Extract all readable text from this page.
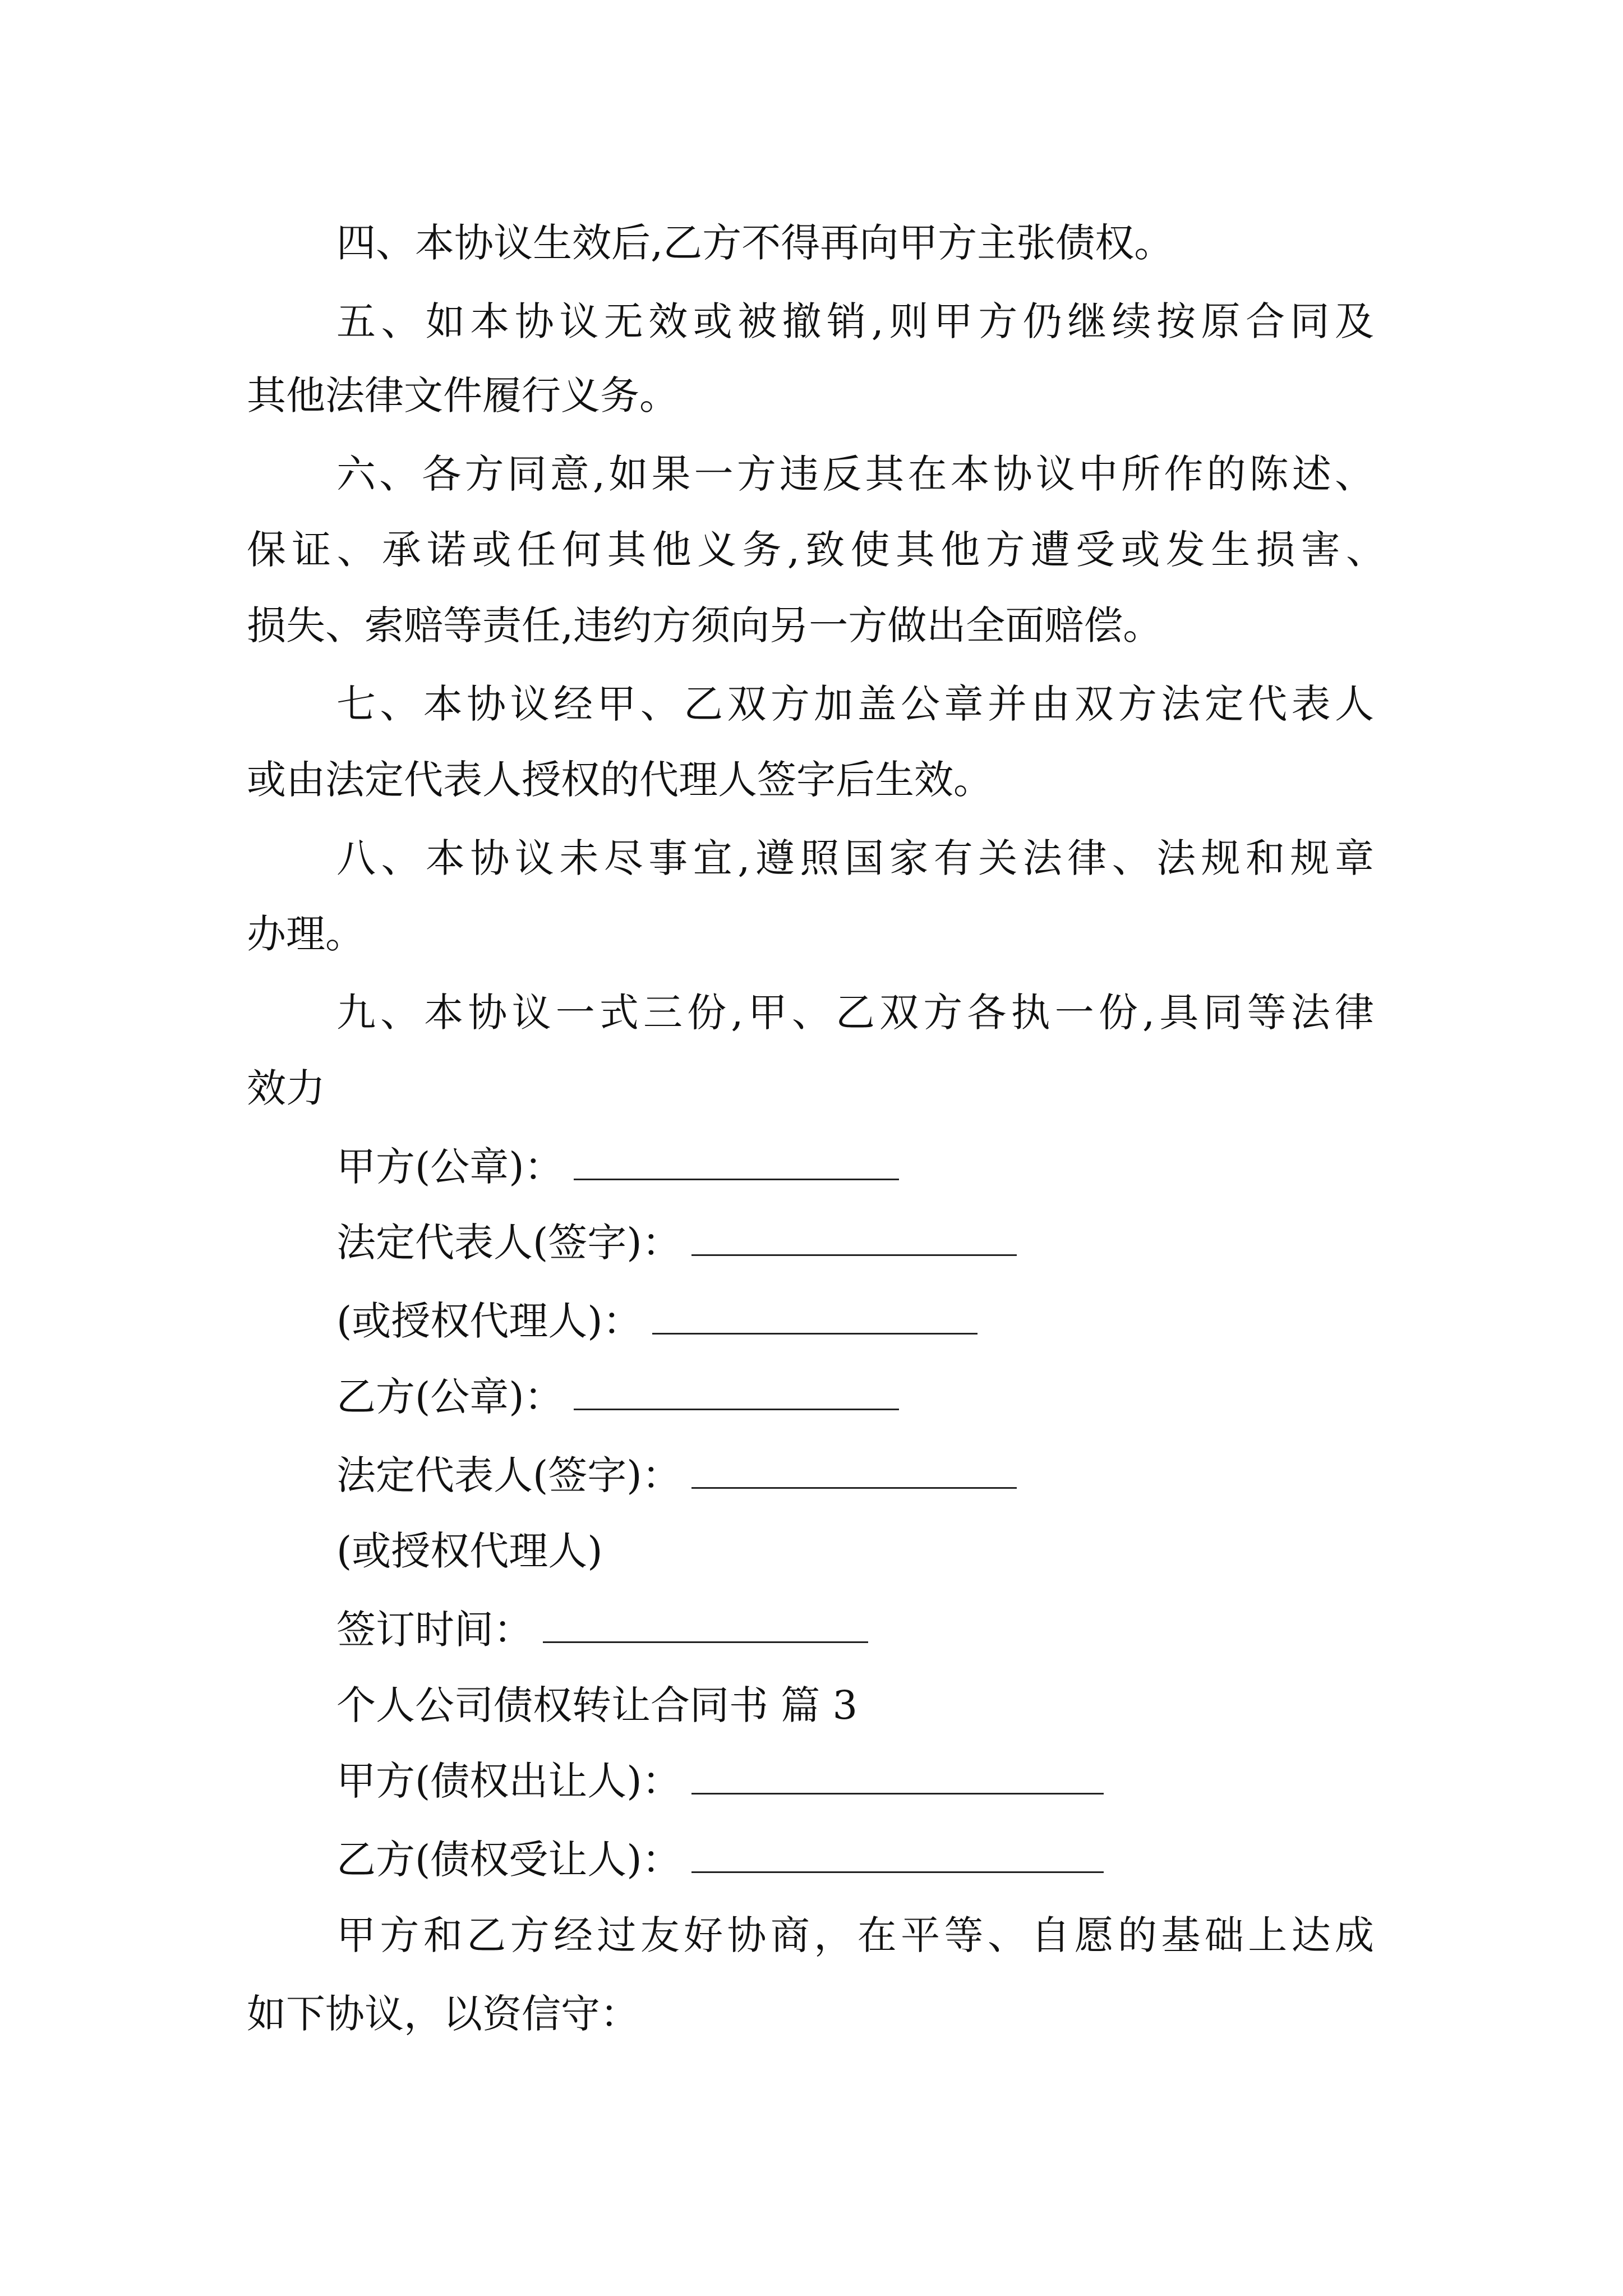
四、本协议生效后,乙方不得再向甲方主张债权。

五、如本协议无效或被撤销,则甲方仍继续按原合同及

其他法律文件履行义务。

六、各方同意,如果一方违反其在本协议中所作的陈述、

保证、承诺或任何其他义务,致使其他方遭受或发生损害、

损失、索赔等责任,违约方须向另一方做出全面赔偿。

七、本协议经甲、乙双方加盖公章并由双方法定代表人

或由法定代表人授权的代理人签字后生效。

八、本协议未尽事宜,遵照国家有关法律、法规和规章

办理。

九、本协议一式三份,甲、乙双方各执一份,具同等法律

效力

甲方(公章)：

法定代表人(签字)：

(或授权代理人)：

乙方(公章)：

法定代表人(签字)：

(或授权代理人)

签订时间：

个人公司债权转让合同书 篇 3

甲方(债权出让人)：

乙方(债权受让人)：

甲方和乙方经过友好协商，在平等、自愿的基础上达成

如下协议，以资信守：
